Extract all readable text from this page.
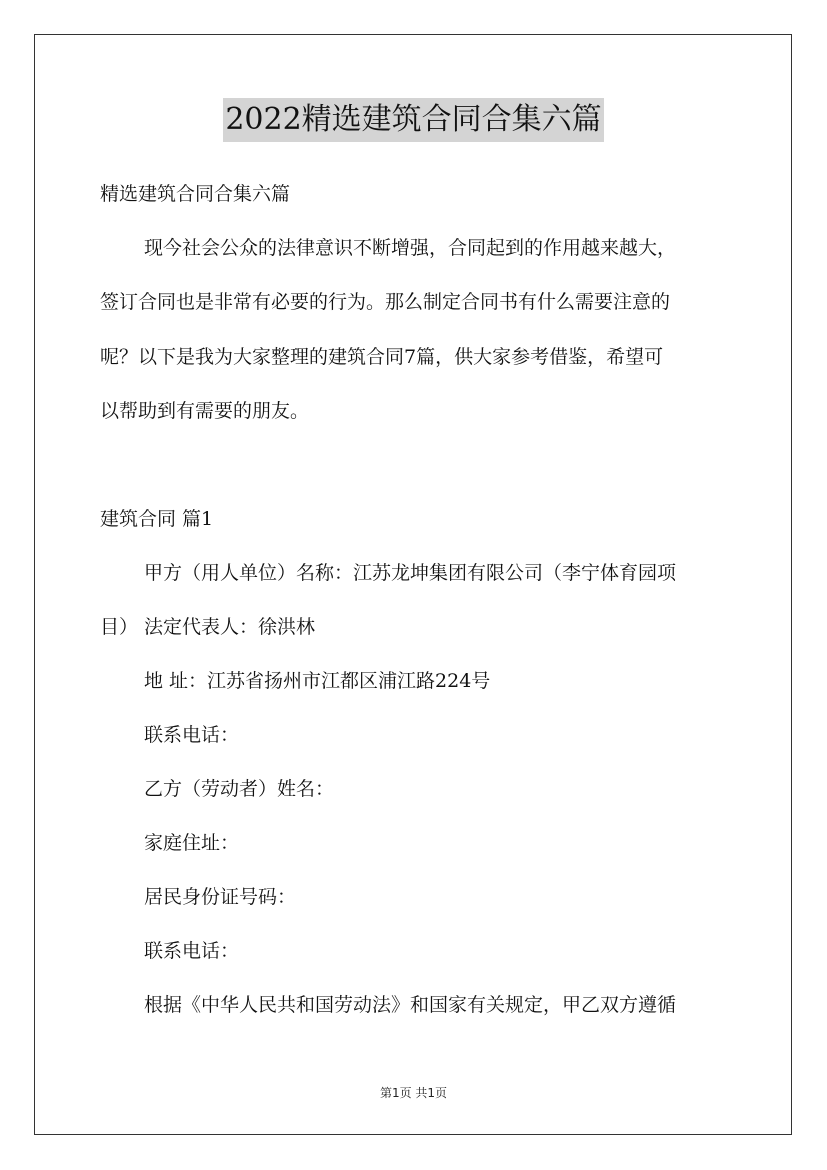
2022精选建筑合同合集六篇
精选建筑合同合集六篇
现今社会公众的法律意识不断增强，合同起到的作用越来越大，
签订合同也是非常有必要的行为。那么制定合同书有什么需要注意的
呢？以下是我为大家整理的建筑合同7篇，供大家参考借鉴，希望可
以帮助到有需要的朋友。
建筑合同 篇1
甲方（用人单位）名称：江苏龙坤集团有限公司（李宁体育园项
目） 法定代表人：徐洪林
地 址：江苏省扬州市江都区浦江路224号
联系电话：
乙方（劳动者）姓名：
家庭住址：
居民身份证号码：
联系电话：
根据《中华人民共和国劳动法》和国家有关规定，甲乙双方遵循
第1页 共1页
